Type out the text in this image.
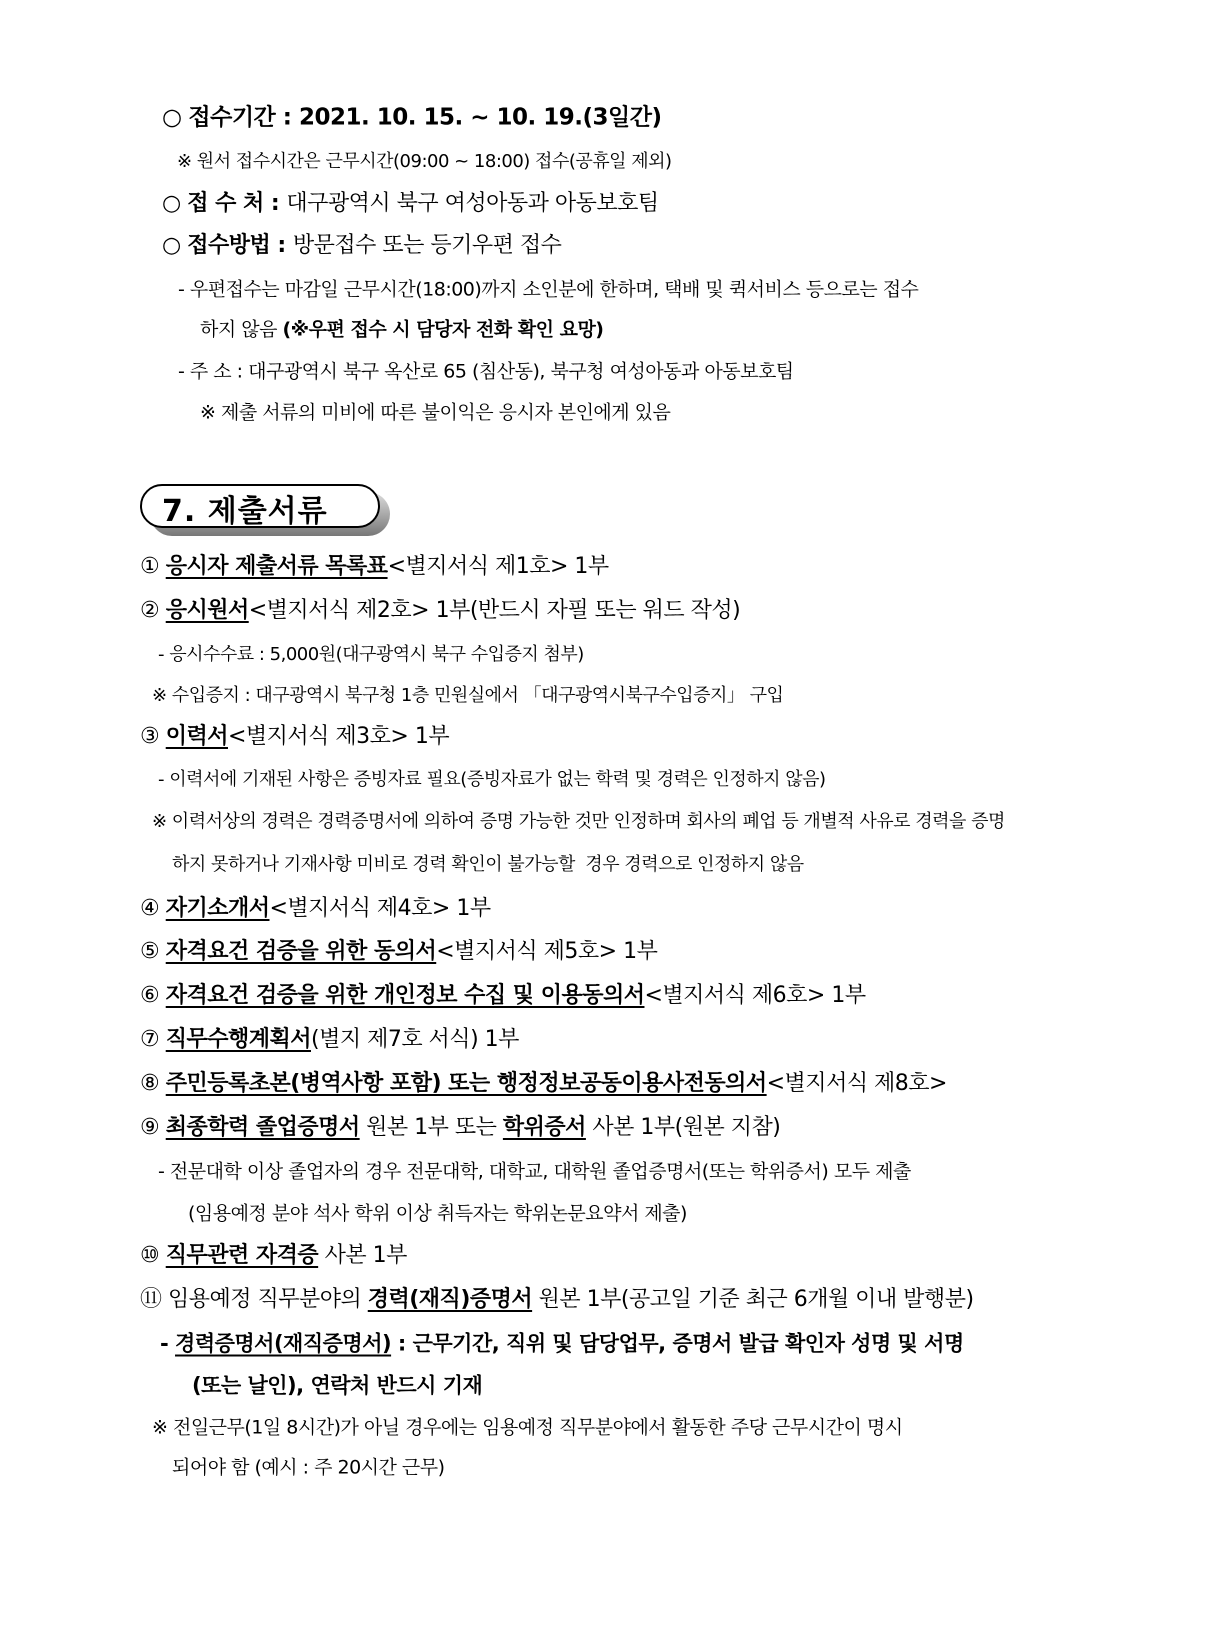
7. 제출서류
○ 접수기간 : 2021. 10. 15. ~ 10. 19.(3일간)
※ 원서 접수시간은 근무시간(09:00 ~ 18:00) 접수(공휴일 제외)
○ 접 수 처 : 대구광역시 북구 여성아동과 아동보호팀
○ 접수방법 : 방문접수 또는 등기우편 접수
- 우편접수는 마감일 근무시간(18:00)까지 소인분에 한하며, 택배 및 퀵서비스 등으로는 접수
하지 않음 (※우편 접수 시 담당자 전화 확인 요망)
- 주 소 : 대구광역시 북구 옥산로 65 (침산동), 북구청 여성아동과 아동보호팀
※ 제출 서류의 미비에 따른 불이익은 응시자 본인에게 있음
① 응시자 제출서류 목록표<별지서식 제1호> 1부
② 응시원서<별지서식 제2호> 1부(반드시 자필 또는 워드 작성)
- 응시수수료 : 5,000원(대구광역시 북구 수입증지 첨부)
※ 수입증지 : 대구광역시 북구청 1층 민원실에서 「대구광역시북구수입증지」 구입
③ 이력서<별지서식 제3호> 1부
- 이력서에 기재된 사항은 증빙자료 필요(증빙자료가 없는 학력 및 경력은 인정하지 않음)
※ 이력서상의 경력은 경력증명서에 의하여 증명 가능한 것만 인정하며 회사의 폐업 등 개별적 사유로 경력을 증명
하지 못하거나 기재사항 미비로 경력 확인이 불가능할  경우 경력으로 인정하지 않음
④ 자기소개서<별지서식 제4호> 1부
⑤ 자격요건 검증을 위한 동의서<별지서식 제5호> 1부
⑥ 자격요건 검증을 위한 개인정보 수집 및 이용동의서<별지서식 제6호> 1부
⑦ 직무수행계획서(별지 제7호 서식) 1부
⑧ 주민등록초본(병역사항 포함) 또는 행정정보공동이용사전동의서<별지서식 제8호>
⑨ 최종학력 졸업증명서 원본 1부 또는 학위증서 사본 1부(원본 지참)
- 전문대학 이상 졸업자의 경우 전문대학, 대학교, 대학원 졸업증명서(또는 학위증서) 모두 제출
(임용예정 분야 석사 학위 이상 취득자는 학위논문요약서 제출)
⑩ 직무관련 자격증 사본 1부
⑪ 임용예정 직무분야의 경력(재직)증명서 원본 1부(공고일 기준 최근 6개월 이내 발행분)
- 경력증명서(재직증명서) : 근무기간, 직위 및 담당업무, 증명서 발급 확인자 성명 및 서명
(또는 날인), 연락처 반드시 기재
※ 전일근무(1일 8시간)가 아닐 경우에는 임용예정 직무분야에서 활동한 주당 근무시간이 명시
되어야 함 (예시 : 주 20시간 근무)
